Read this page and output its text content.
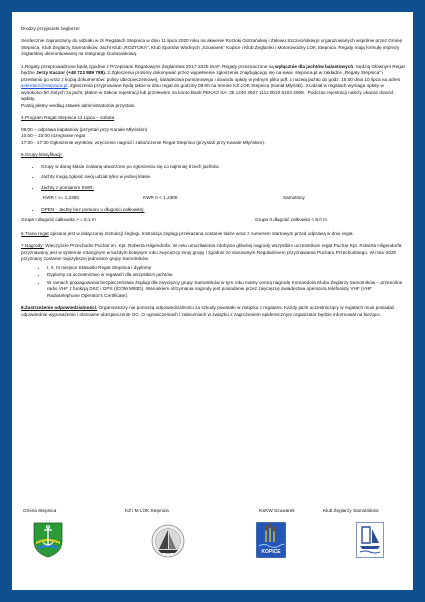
Drodzy przyjaciele żeglarze!

Serdecznie zapraszamy do udziału w IX Regatach Stepnica w dniu 11 lipca 2020 roku na akwenie Roztoki Odrzańskiej i Zalewu Szczecińskiego organizowanych wspólnie przez Gminę Stepnica, Klub Żeglarzy Samotników, Jacht Klub „ROZTOKA”, Klub Sportów Wodnych „Szuwarek” Kopice i Klub Żeglarski i Motorowodny LOK Stepnica. Regaty mają formułę imprezy żeglarskiej ukierunkowanej na integrację środowiskową.

1.Regaty przeprowadzone będą zgodnie z Przepisami Regatowymi Żeglarstwa 2017-2020 ISAF. Regaty przeznaczone są wyłącznie dla jachtów balastowych. Sędzią Głównym Regat będzie Jerzy Kaczor (+48 723 889 788). 2.Zgłoszenia prosimy dokonywać przez wypełnienie zgłoszenia znajdującego się na www. stepnica.pl w zakładce „Regaty Stepnica” i przesłaniu go wraz z kopią dokumentów: polisy ubezpieczeniowej, świadectwa pomiarowego i dowodu opłaty w jednym pliku pdf. z nazwą jachtu do godz. 15.00 dnia 10 lipca na adres sekretarz@stepnica.pl. Zgłoszenia przyjmowane będą także w dniu regat do godziny 09:00 na terenie KŻ LOK Stepnica (Kanał Młyński). 3.Udział w regatach wymaga opłaty w wysokości 50 złotych za jacht, płatne w trakcie rejestracji lub przelewem na konto Bank PEKAO SA: 36 1240 3927 1111 0010 5103 2068 . Podczas rejestracji należy okazać dowód wpłaty.
Postój płatny według stawek administratorów przystani.
4.Program Regat Stepnica 11 Lipca – sobota
09:00 – odprawa kapitanów (przystań przy Kanale Młyńskim)
10:00 – 15:00 rozegranie regat
17:00 - 17:30 Ogłoszenie wyników, wręczenie nagród i zakończenie Regat Stepnica (przystań przy Kanale Młyńskim).
5.Grupy klasyfikacji:
• Grupy w danej klasie zostaną utworzone po zgłoszeniu się co najmniej trzech jachtów.
• Jachty mogą zgłosić swój udział tylko w jednej klasie
• Jachty z pomiarem KWR:
KWR I >= 1,2300	KWR II < 1,2300	Samotnicy
• OPEN - Jachty bez pomiaru o długości całkowitej:
Grupa I długość całkowita > = 8,1 m	Grupa II długość całkowita < 8,0 m

6.Trasa regat opisana jest w dołączonej instrukcji żeglugi. Instrukcja żeglugi przekazana zostanie także wraz z numerem startowym przed odprawą w dniu regat.

7.Nagrody: Wieczyście Przechodni Puchar im. Kpt. Roberta Hilgendorfa. W celu umożliwienia zdobycia głównej nagrody wszystkim uczestnikom regat Puchar Kpt. Roberta Hilgendorfa przyznawany jest w systemie rotacyjnym w każdym kolejnym roku zwycięzcy innej grupy i zgodnie ze stosownym Regulaminem przyznawania Pucharu Przechodniego. W roku 2020 przyznany zostanie najszybszej jednostce grupy Samotników.

• I, II, III miejsce Statuetki Regat Stepnica i dyplomy
• Dyplomy za uczestnictwo w regatach dla wszystkich jachtów.
• W ramach propagowania bezpieczeństwa żeglugi dla zwycięzcy grupy Samotników w tym roku mamy cenną nagrodę Komandora Klubu Żeglarzy Samotników – przenośne radio VHF z funkcją DSC i GPS (ICOM M93D). Warunkiem otrzymania nagrody jest posiadanie przez zwycięzcę świadectwa operatora telefonisty VHF (VHF Radiotelephone Operator's Certificate).

8.Zastrzeżenie odpowiedzialności. Organizatorzy nie ponoszą odpowiedzialności za szkody powstałe w związku z regatami. Każdy jacht uczestniczący w regatach musi posiadać odpowiednie wyposażenie i stosowne ubezpieczenie OC. O ograniczeniach i zaleceniach w związku z zagrożeniem epidemicznym organizator będzie informował na bieżąco.

Gmina Stepnica	KŻ i M LOK Stepnica	KSKW Szuwarek	Klub Żeglarzy Samotników
KOPICE
